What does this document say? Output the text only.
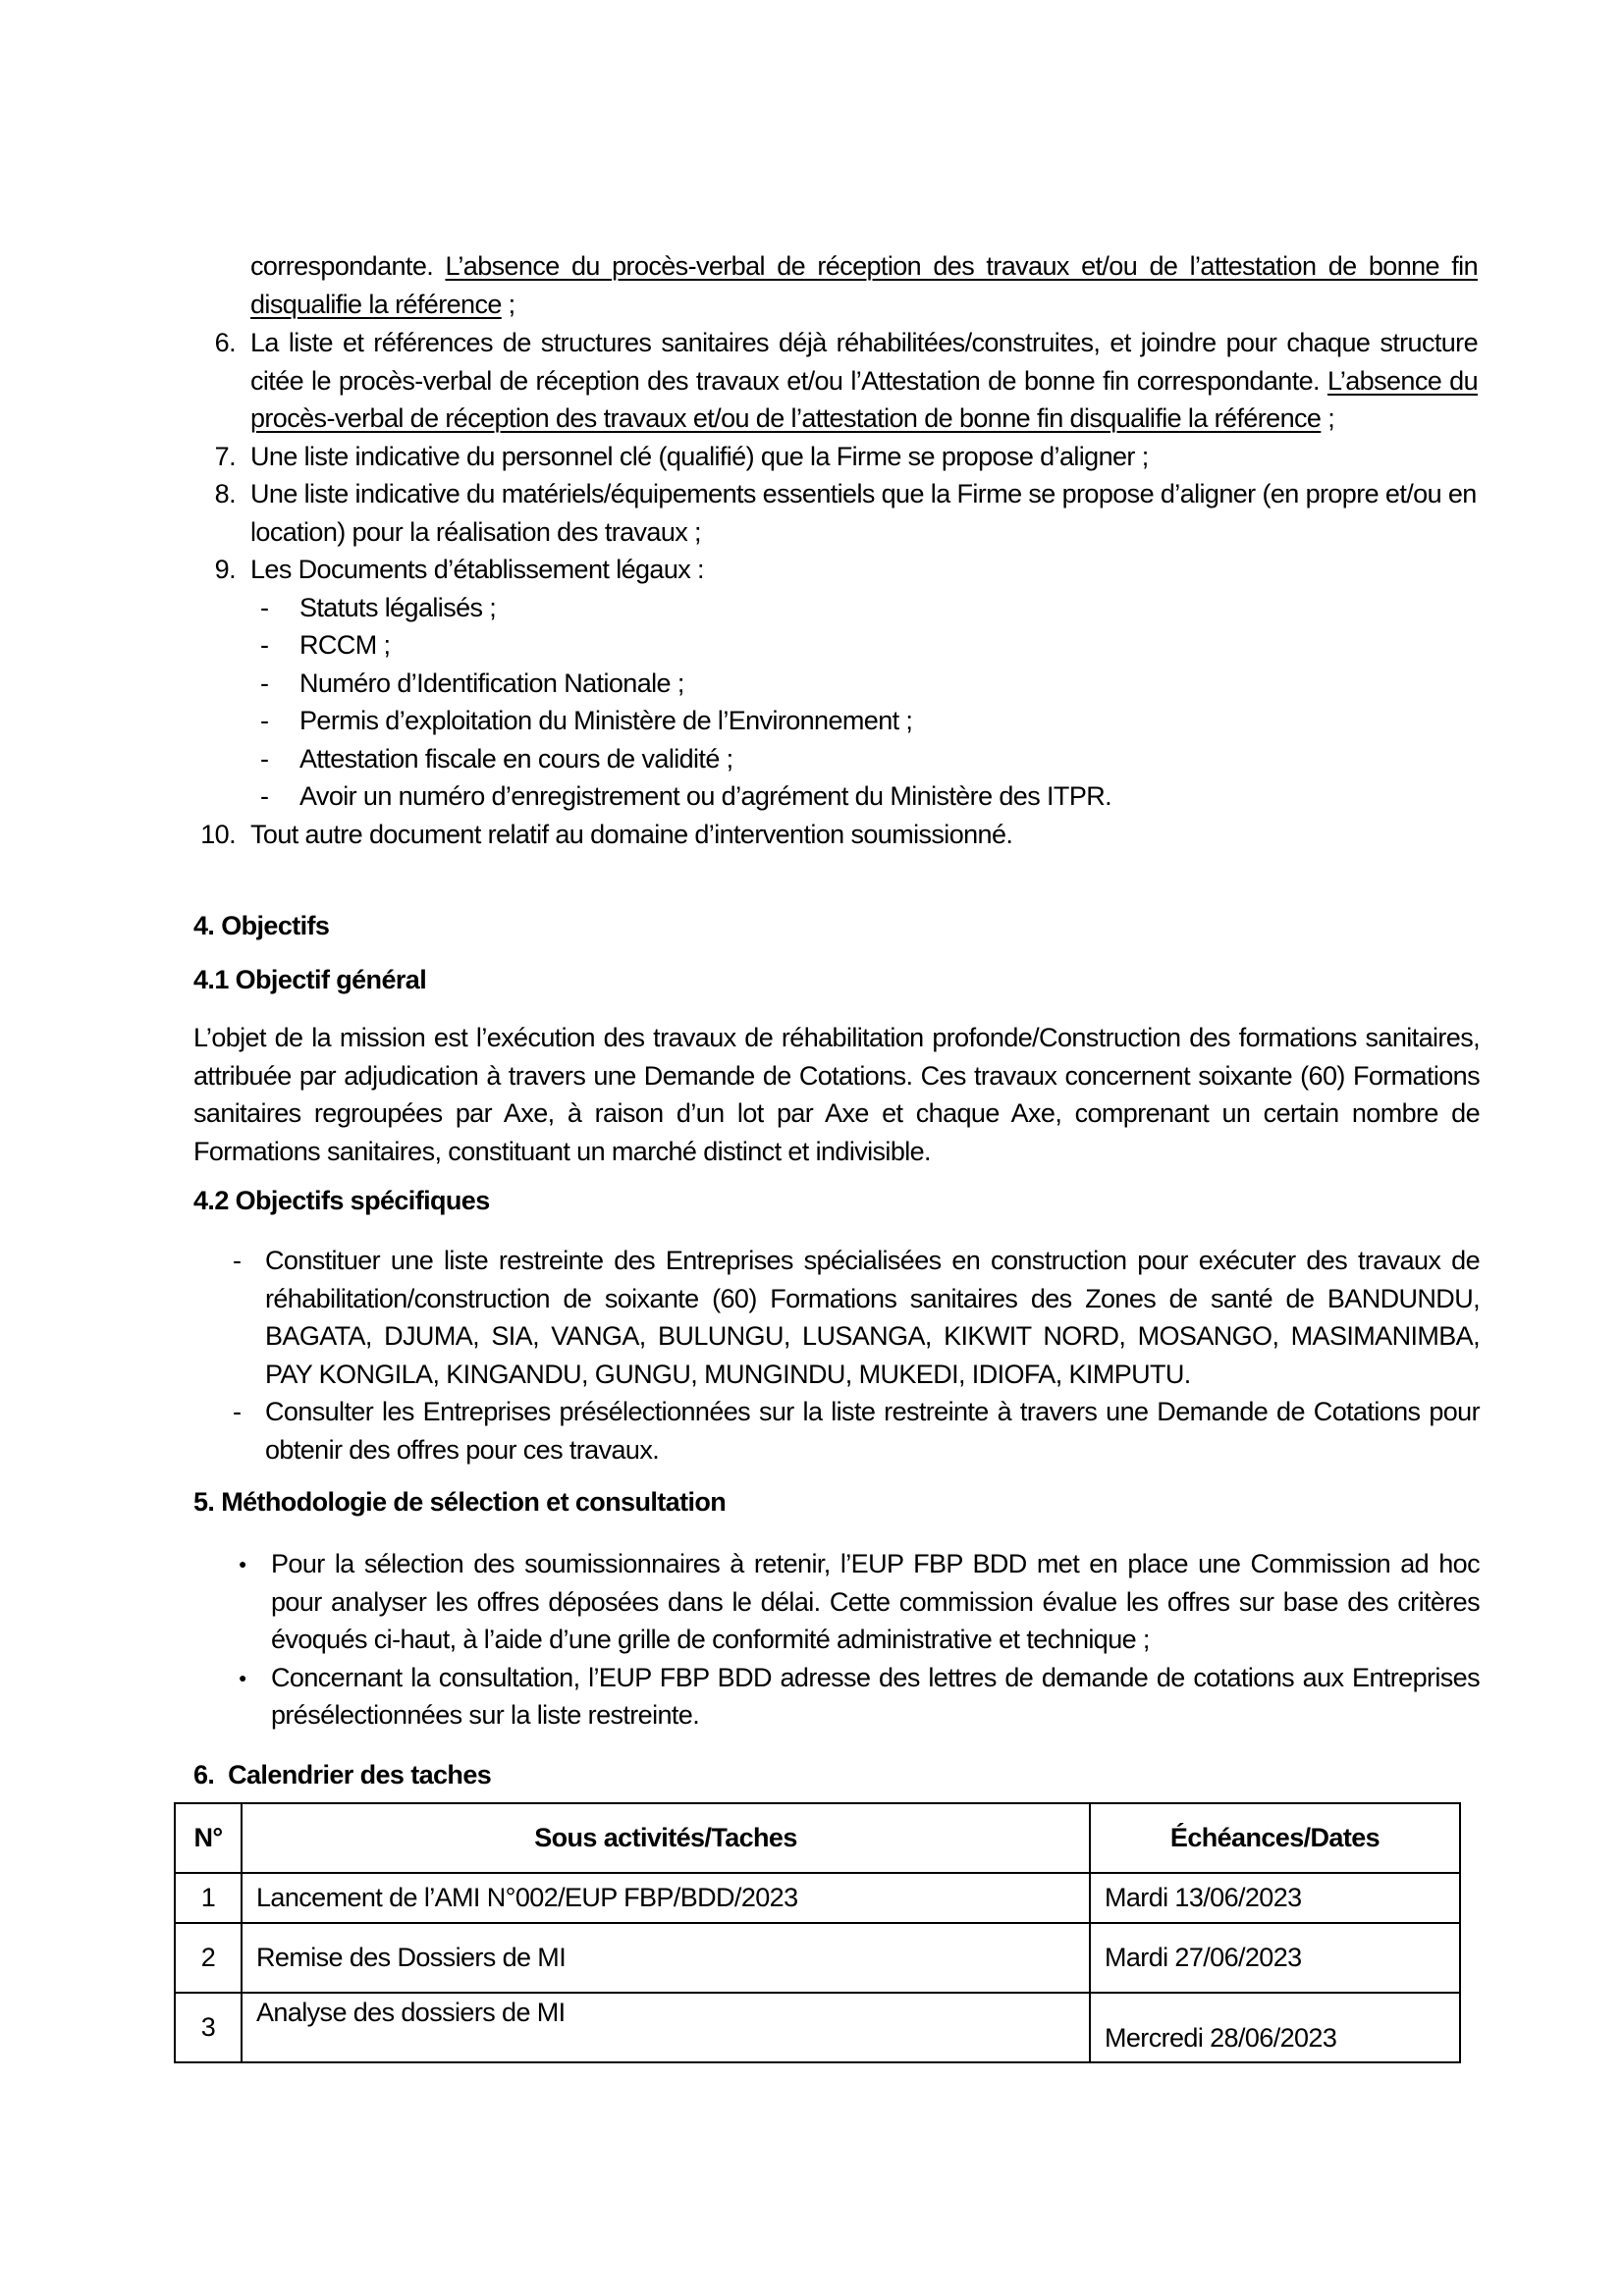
correspondante. L’absence du procès-verbal de réception des travaux et/ou de l’attestation de bonne fin disqualifie la référence ;
6. La liste et références de structures sanitaires déjà réhabilitées/construites, et joindre pour chaque structure citée le procès-verbal de réception des travaux et/ou l’Attestation de bonne fin correspondante. L’absence du procès-verbal de réception des travaux et/ou de l’attestation de bonne fin disqualifie la référence ;
7. Une liste indicative du personnel clé (qualifié) que la Firme se propose d’aligner ;
8. Une liste indicative du matériels/équipements essentiels que la Firme se propose d’aligner (en propre et/ou en location) pour la réalisation des travaux ;
9. Les Documents d’établissement légaux :
- Statuts légalisés ;
- RCCM ;
- Numéro d’Identification Nationale ;
- Permis d’exploitation du Ministère de l’Environnement ;
- Attestation fiscale en cours de validité ;
- Avoir un numéro d’enregistrement ou d’agrément du Ministère des ITPR.
10. Tout autre document relatif au domaine d’intervention soumissionné.
4. Objectifs
4.1 Objectif général
L’objet de la mission est l’exécution des travaux de réhabilitation profonde/Construction des formations sanitaires, attribuée par adjudication à travers une Demande de Cotations. Ces travaux concernent soixante (60) Formations sanitaires regroupées par Axe, à raison d’un lot par Axe et chaque Axe, comprenant un certain nombre de Formations sanitaires, constituant un marché distinct et indivisible.
4.2 Objectifs spécifiques
- Constituer une liste restreinte des Entreprises spécialisées en construction pour exécuter des travaux de réhabilitation/construction de soixante (60) Formations sanitaires des Zones de santé de BANDUNDU, BAGATA, DJUMA, SIA, VANGA, BULUNGU, LUSANGA, KIKWIT NORD, MOSANGO, MASIMANIMBA, PAY KONGILA, KINGANDU, GUNGU, MUNGINDU, MUKEDI, IDIOFA, KIMPUTU.
- Consulter les Entreprises présélectionnées sur la liste restreinte à travers une Demande de Cotations pour obtenir des offres pour ces travaux.
5. Méthodologie de sélection et consultation
● Pour la sélection des soumissionnaires à retenir, l’EUP FBP BDD met en place une Commission ad hoc pour analyser les offres déposées dans le délai. Cette commission évalue les offres sur base des critères évoqués ci-haut, à l’aide d’une grille de conformité administrative et technique ;
● Concernant la consultation, l’EUP FBP BDD adresse des lettres de demande de cotations aux Entreprises présélectionnées sur la liste restreinte.
6.  Calendrier des taches
N°	Sous activités/Taches	Échéances/Dates
1	Lancement de l’AMI N°002/EUP FBP/BDD/2023	Mardi 13/06/2023
2	Remise des Dossiers de MI	Mardi 27/06/2023
3	Analyse des dossiers de MI	Mercredi 28/06/2023
